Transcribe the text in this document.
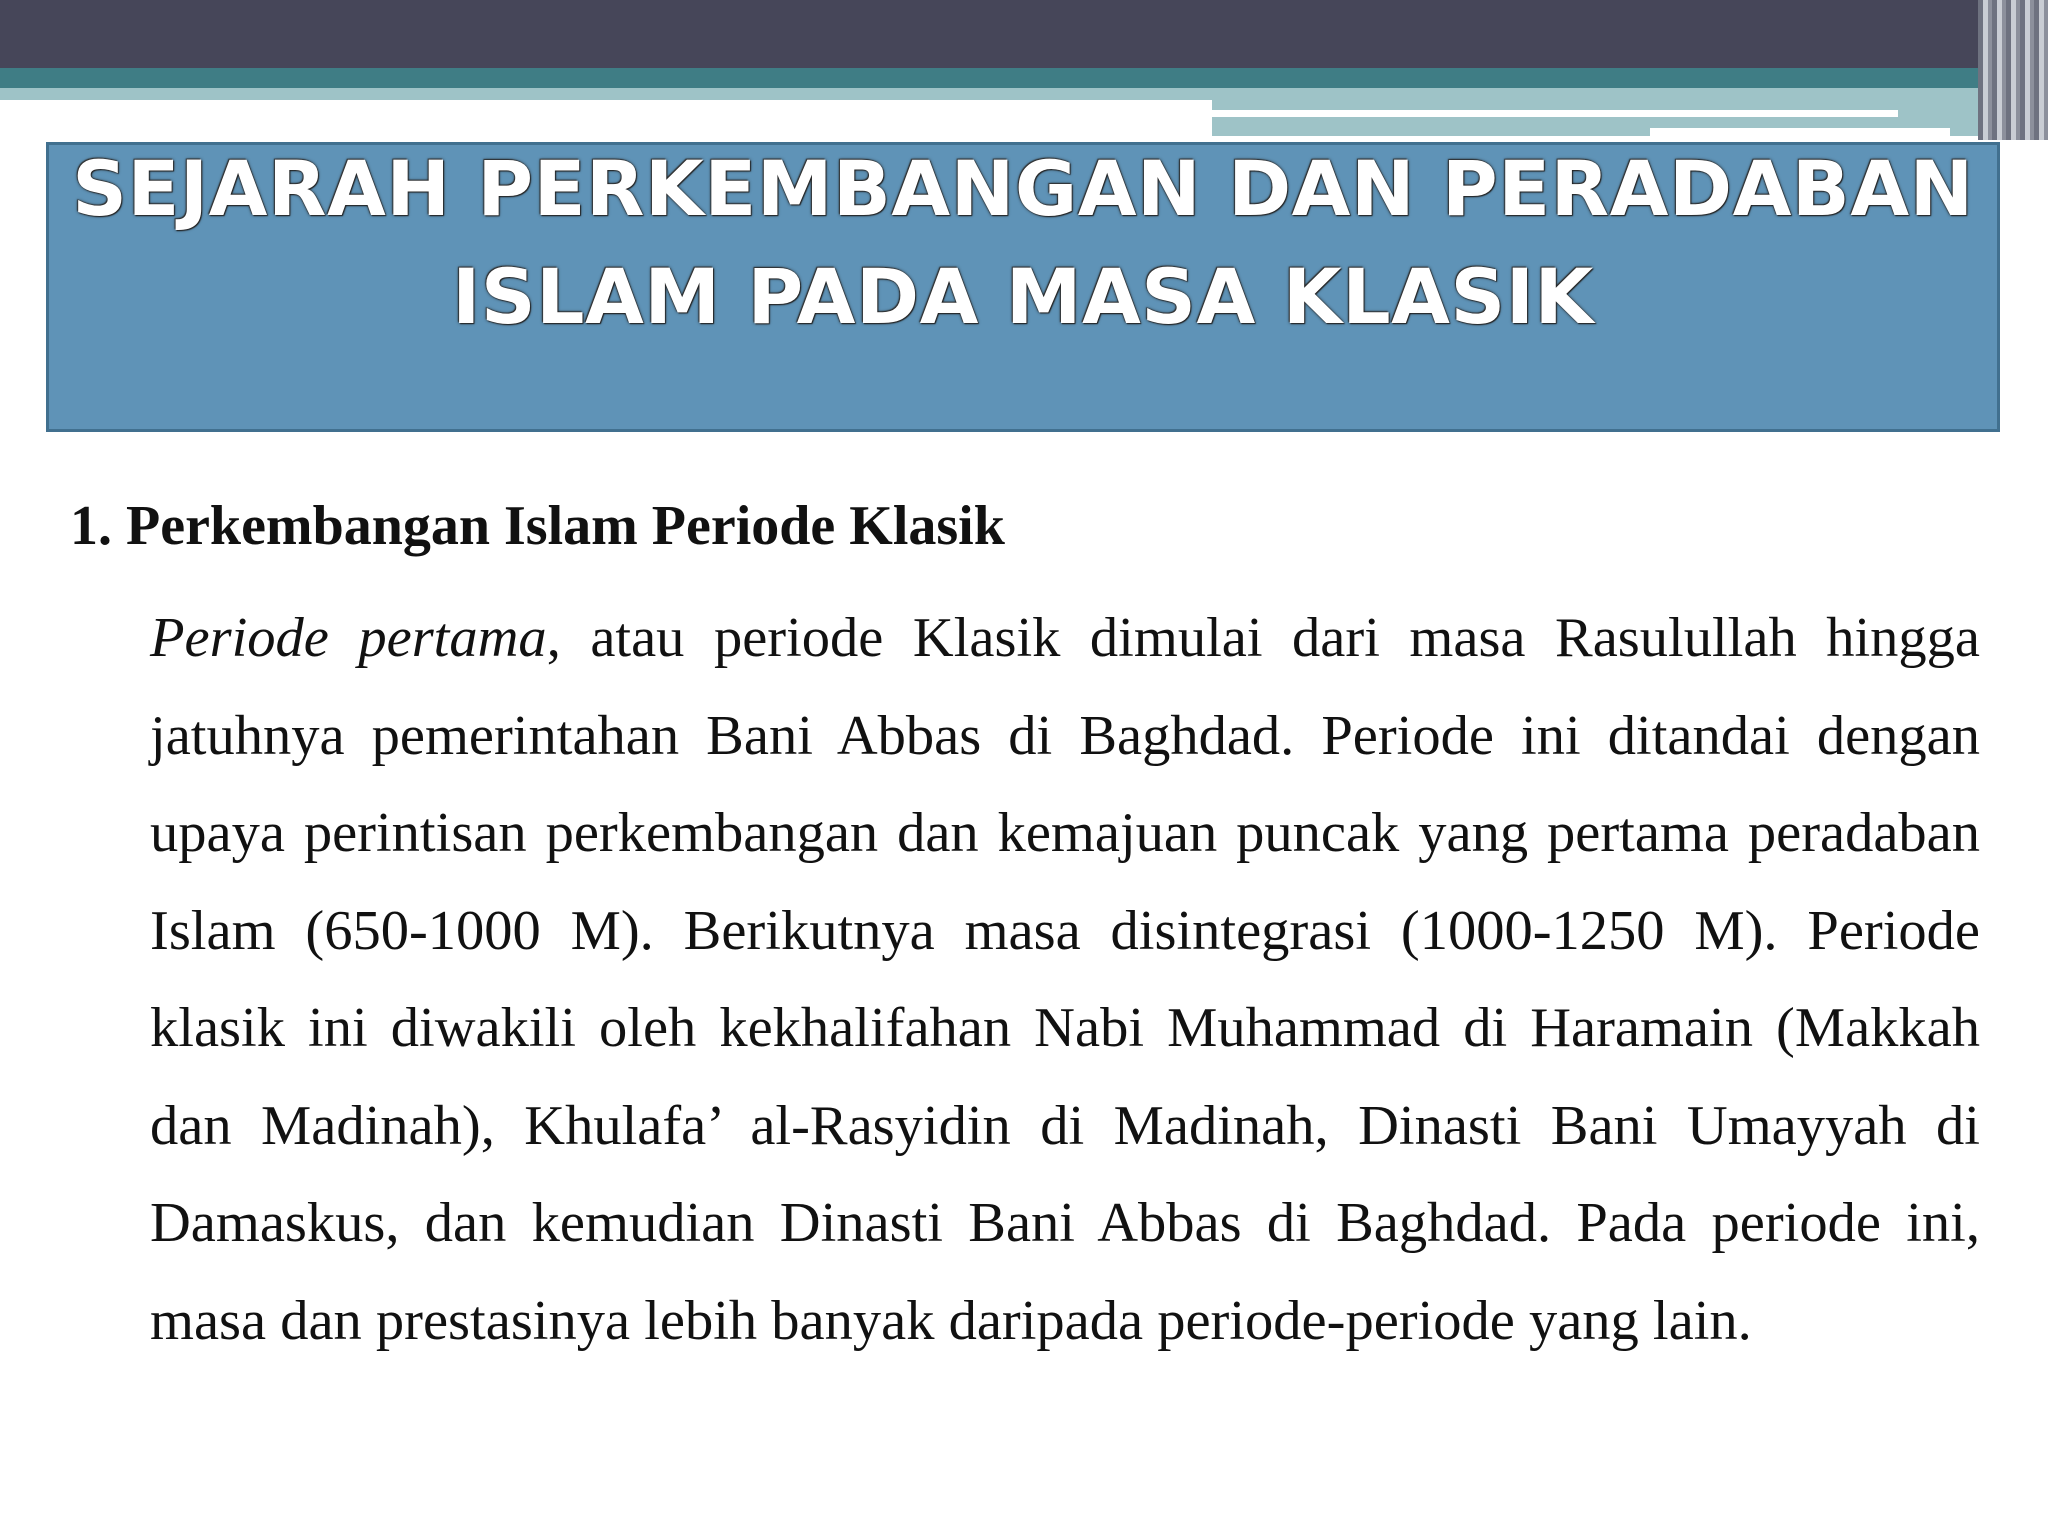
SEJARAH PERKEMBANGAN DAN PERADABAN
ISLAM PADA MASA KLASIK
1. Perkembangan Islam Periode Klasik

Periode pertama, atau periode Klasik dimulai dari masa Rasulullah hingga jatuhnya pemerintahan Bani Abbas di Baghdad. Periode ini ditandai dengan upaya perintisan perkembangan dan kemajuan puncak yang pertama peradaban Islam (650-1000 M). Berikutnya masa disintegrasi (1000-1250 M). Periode klasik ini diwakili oleh kekhalifahan Nabi Muhammad di Haramain (Makkah dan Madinah), Khulafa’ al-Rasyidin di Madinah, Dinasti Bani Umayyah di Damaskus, dan kemudian Dinasti Bani Abbas di Baghdad. Pada periode ini, masa dan prestasinya lebih banyak daripada periode-periode yang lain.
